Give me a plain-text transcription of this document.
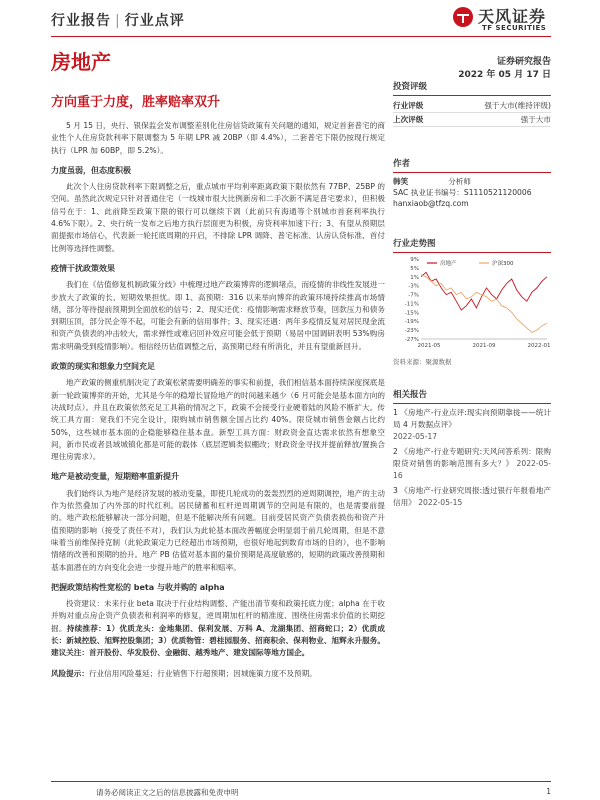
行业报告 | 行业点评	天风证券
TF SECURITIES
房地产	证券研究报告
2022 年 05 月 17 日
方向重于力度，胜率赔率双升

5 月 15 日，央行、银保监会发布调整差别化住房信贷政策有关问题的通知，规定首套普宅的商业性个人住房贷款利率下限调整为 5 年期 LPR 减 20BP（即 4.4%），二套普宅下限仍按现行规定执行（LPR 加 60BP，即 5.2%）。

力度虽弱，但态度积极

此次个人住房贷款利率下限调整之后，重点城市平均利率距离政策下限依然有 77BP、25BP 的空间。虽然此次规定只针对普通住宅（一线城市很大比例新房和二手次新不满足普宅要求），但积极信号在于：1、此前降至政策下限的银行可以继续下调（此前只有海通等个别城市首套利率执行 4.6%下限）。2、央行统一发布之后地方执行层面更为积极，房贷利率加速下行；3、有望从预期层面提振市场信心，代表新一轮托底周期的开启，不排除 LPR 调降、普宅标准、认房认贷标准、首付比例等选择性调整。

疫情干扰政策效果

我们在《估值修复机制政策分歧》中梳理过地产政策博弈的逻辑堵点，而疫情的非线性发展进一步放大了政策的长、短期效果担忧。即 1、高预期：316 以来举向博弈的政策环境持续推高市场情绪，部分等待提前预期到全面放松的信号；2、现实还优：疫情影响需求释放节奏，回款压力和债务到期压顶，部分民企等不起，可能会有新的信用事件；3、现实还遇：两年多疫情反复对居民现金流和资产负债表的冲击较大，需求弹性或难启回补效应可能会低于预期（易居中国调研表明 53%购房需求明确受到疫情影响）。相信经历估值调整之后，高预期已经有所消化，并且有望重新回升。

政策的现实和想象力空间充足

地产政策的侧重机制决定了政策松紧需要明确差的事实和前提，我们相信基本面持续深度探底是新一轮政策博弈的开始，尤其是今年的稳增长冒险地产的时间越来越少（6 月可能会是基本面方向的决战时点）。并且在政策依然充足工具箱的情况之下，政策不会接受行业硬着陆的风险不断扩大。传统工具方面：宽我们不完全设计，限购城市销售额全国占比约 40%。限贷城市销售金额占比约 50%，这些城市基本面的企稳能够稳住基本盘。新型工具方面：财政资金直达需求依然有想象空间，新市民或者县域城镇化都是可能的载体（底层逻辑类似棚改；财政资金寻找并提前释放/置换合理住房需求）。

地产是被动变量，短期赔率重新提升

我们始终认为地产是经济发展的被动变量，即使几轮成功的轰轰烈烈的逆周期调控，地产的主动作为依然叠加了内外部的时代红利。居民储蓄和杠杆逆周期调节的空间是有限的，也是需要前提的。地产政松能够解决一部分问题，但是不能解决所有问题。目前受居民资产负债表损伤和资产升值预期的影响（接受了责任不对），我们认为此轮基本面改善幅度会明显弱于前几轮周期，但是不意味着当前维保持克制（此轮政策定力已经超出市场预期，也很好地起到数育市场的目的），也不影响情绪的改善和预期的抬升。地产 PB 估值对基本面的量价预期是高度敏感的，短期的政策改善预期和基本面潜在的方向变化会进一步提升地产的胜率和赔率。

把握政策结构性宽松的 beta 与收并购的 alpha

投资建议：未来行业 beta 取决于行业结构调整、产能出清节奏和政策托底力度；alpha 在于收并购对重点房企资产负债表和利润率的修复，逆周期加杠杆的精准度、围绕住房需求价值的长期挖掘。持续推荐：1）优质龙头：金地集团、保利发展、万科 A、龙湖集团、招商蛇口；2）优质成长：新城控股、旭辉控股集团；3）优质物管：碧桂园服务、招商积余、保利物业、旭辉永升服务。建议关注：首开股份、华发股份、金融街、越秀地产、建发国际等地方国企。

风险提示：行业信用风险蔓延；行业销售下行超预期；因城施策力度不及预期。

投资评级
行业评级	强于大市(维持评级)
上次评级	强于大市
作者
韩笑	分析师
SAC 执业证书编号：S1110521120006
hanxiaob@tfzq.com
行业走势图
9%
5%
1%
-3%
-7%
-11%
-15%
-19%
-23%
-27%
2021-05	2021-09	2022-01
房地产	沪深300
资料来源：聚源数据
相关报告
1 《房地产-行业点评:现实向预期靠拢——统计局 4 月数据点评》
2022-05-17
2 《房地产-行业专题研究:天风问答系列：限购限贷对销售的影响范围有多大？》 2022-05-16
3 《房地产-行业研究周报:透过银行年报看地产信用》 2022-05-15
请务必阅读正文之后的信息披露和免责申明	1
